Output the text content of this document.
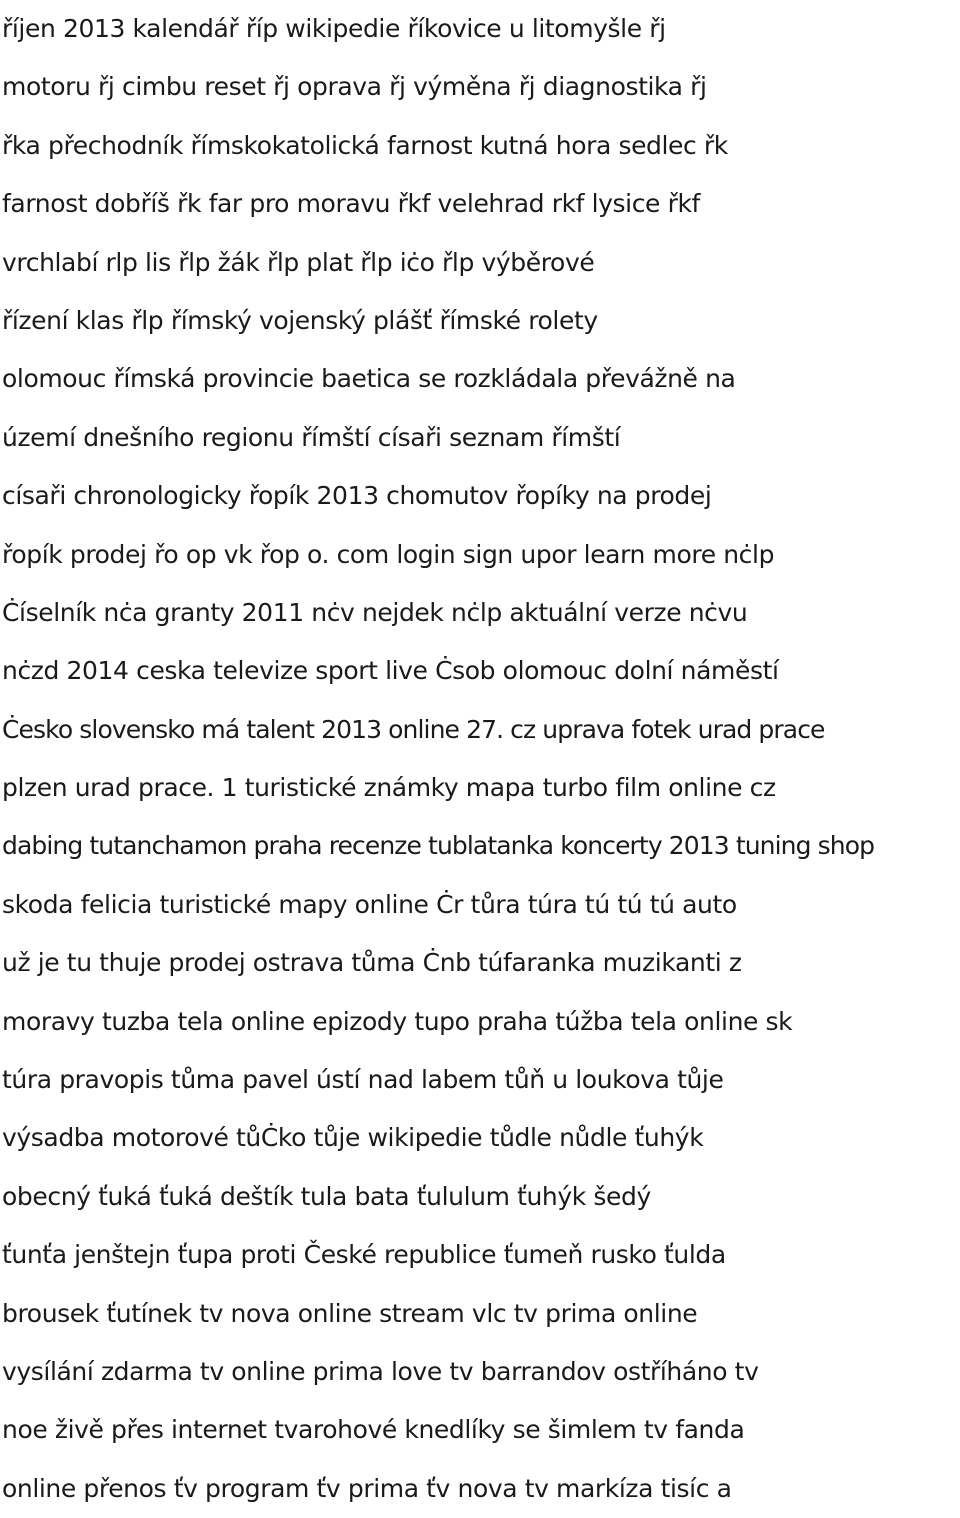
říjen 2013 kalendář říp wikipedie říkovice u litomyšle řj
motoru řj cimbu reset řj oprava řj výměna řj diagnostika řj
řka přechodník římskokatolická farnost kutná hora sedlec řk
farnost dobříš řk far pro moravu řkf velehrad rkf lysice řkf
vrchlabí rlp lis řlp žák řlp plat řlp iċo řlp výběrové
řízení klas řlp římský vojenský plášť římské rolety
olomouc římská provincie baetica se rozkládala převážně na
území dnešního regionu římští císaři seznam římští
císaři chronologicky řopík 2013 chomutov řopíky na prodej
řopík prodej řo op vk řop o. com login sign upor learn more nċlp
Ċíselník nċa granty 2011 nċv nejdek nċlp aktuální verze nċvu
nċzd 2014 ceska televize sport live Ċsob olomouc dolní náměstí
Ċesko slovensko má talent 2013 online 27. cz uprava fotek urad prace
plzen urad prace. 1 turistické známky mapa turbo film online cz
dabing tutanchamon praha recenze tublatanka koncerty 2013 tuning shop
skoda felicia turistické mapy online Ċr tůra túra tú tú tú auto
už je tu thuje prodej ostrava tůma Ċnb túfaranka muzikanti z
moravy tuzba tela online epizody tupo praha túžba tela online sk
túra pravopis tůma pavel ústí nad labem tůň u loukova tůje
výsadba motorové tůĊko tůje wikipedie tůdle nůdle ťuhýk
obecný ťuká ťuká deštík tula bata ťululum ťuhýk šedý
ťunťa jenštejn ťupa proti České republice ťumeň rusko ťulda
brousek ťutínek tv nova online stream vlc tv prima online
vysílání zdarma tv online prima love tv barrandov ostříháno tv
noe živě přes internet tvarohové knedlíky se šimlem tv fanda
online přenos ťv program ťv prima ťv nova tv markíza tisíc a
